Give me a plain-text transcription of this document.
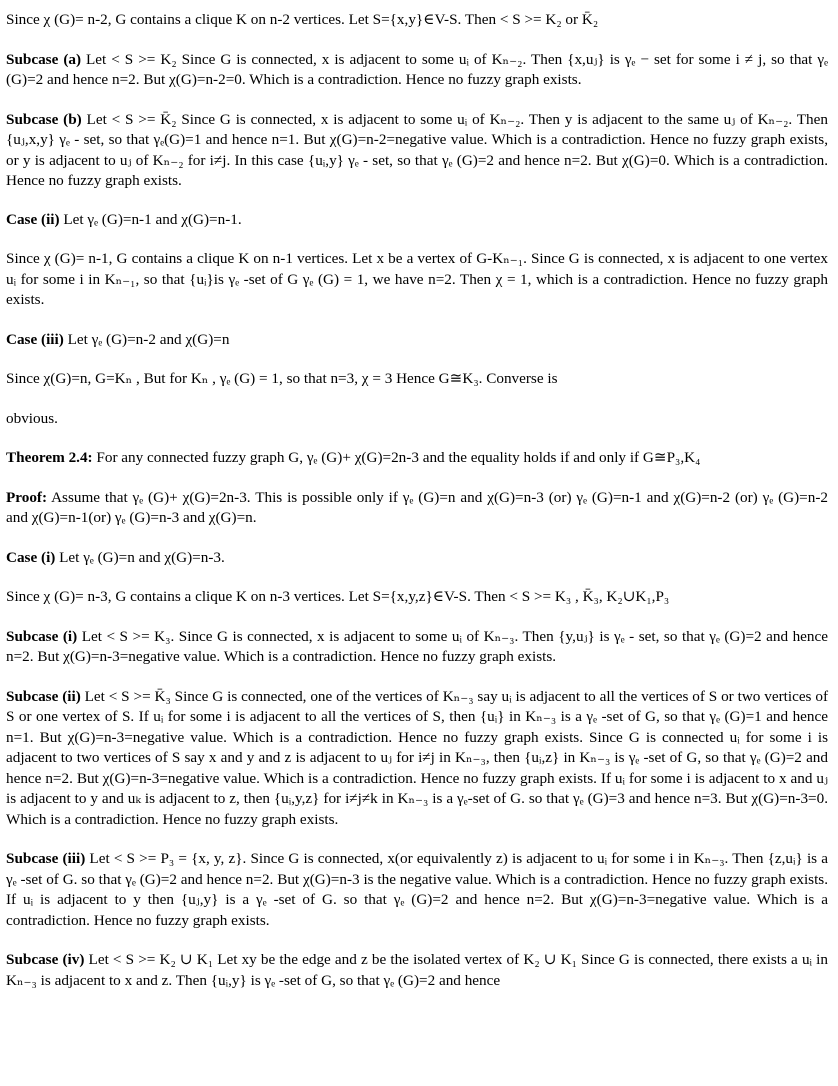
Since χ (G)= n-2, G contains a clique K on n-2 vertices. Let S={x,y}∈V-S. Then < S >= K₂ or K̄₂

Subcase (a) Let < S >= K₂ Since G is connected, x is adjacent to some uᵢ of Kₙ₋₂. Then {x,uⱼ} is γₑ − set for some i ≠ j, so that γₑ (G)=2 and hence n=2. But χ(G)=n-2=0. Which is a contradiction. Hence no fuzzy graph exists.

Subcase (b) Let < S >= K̄₂ Since G is connected, x is adjacent to some uᵢ of Kₙ₋₂. Then y is adjacent to the same uⱼ of Kₙ₋₂. Then {uⱼ,x,y} γₑ - set, so that γₑ(G)=1 and hence n=1. But χ(G)=n-2=negative value. Which is a contradiction. Hence no fuzzy graph exists, or y is adjacent to uⱼ of Kₙ₋₂ for i≠j. In this case {uᵢ,y} γₑ - set, so that γₑ (G)=2 and hence n=2. But χ(G)=0. Which is a contradiction. Hence no fuzzy graph exists.

Case (ii) Let γₑ (G)=n-1 and χ(G)=n-1.

Since χ (G)= n-1, G contains a clique K on n-1 vertices. Let x be a vertex of G-Kₙ₋₁. Since G is connected, x is adjacent to one vertex uᵢ for some i in Kₙ₋₁, so that {uᵢ}is γₑ -set of G γₑ (G) = 1, we have n=2. Then χ = 1, which is a contradiction. Hence no fuzzy graph exists.

Case (iii) Let γₑ (G)=n-2 and χ(G)=n

Since χ(G)=n, G=Kₙ , But for Kₙ , γₑ (G) = 1, so that n=3, χ = 3 Hence G≅K₃. Converse is

obvious.

Theorem 2.4: For any connected fuzzy graph G, γₑ (G)+ χ(G)=2n-3 and the equality holds if and only if G≅P₃,K₄

Proof: Assume that γₑ (G)+ χ(G)=2n-3. This is possible only if γₑ (G)=n and χ(G)=n-3 (or) γₑ (G)=n-1 and χ(G)=n-2 (or) γₑ (G)=n-2 and χ(G)=n-1(or) γₑ (G)=n-3 and χ(G)=n.

Case (i) Let γₑ (G)=n and χ(G)=n-3.

Since χ (G)= n-3, G contains a clique K on n-3 vertices. Let S={x,y,z}∈V-S. Then < S >= K₃ , K̄₃, K₂∪K₁,P₃

Subcase (i) Let < S >= K₃. Since G is connected, x is adjacent to some uᵢ of Kₙ₋₃. Then {y,uⱼ} is γₑ - set, so that γₑ (G)=2 and hence n=2. But χ(G)=n-3=negative value. Which is a contradiction. Hence no fuzzy graph exists.

Subcase (ii) Let < S >= K̄₃ Since G is connected, one of the vertices of Kₙ₋₃ say uᵢ is adjacent to all the vertices of S or two vertices of S or one vertex of S. If uᵢ for some i is adjacent to all the vertices of S, then {uᵢ} in Kₙ₋₃ is a γₑ -set of G, so that γₑ (G)=1 and hence n=1. But χ(G)=n-3=negative value. Which is a contradiction. Hence no fuzzy graph exists. Since G is connected uᵢ for some i is adjacent to two vertices of S say x and y and z is adjacent to uⱼ for i≠j in Kₙ₋₃, then {uᵢ,z} in Kₙ₋₃ is γₑ -set of G, so that γₑ (G)=2 and hence n=2. But χ(G)=n-3=negative value. Which is a contradiction. Hence no fuzzy graph exists. If uᵢ for some i is adjacent to x and uⱼ is adjacent to y and uₖ is adjacent to z, then {uᵢ,y,z} for i≠j≠k in Kₙ₋₃ is a γₑ-set of G. so that γₑ (G)=3 and hence n=3. But χ(G)=n-3=0. Which is a contradiction. Hence no fuzzy graph exists.

Subcase (iii) Let < S >= P₃ = {x, y, z}. Since G is connected, x(or equivalently z) is adjacent to uᵢ for some i in Kₙ₋₃. Then {z,uᵢ} is a γₑ -set of G. so that γₑ (G)=2 and hence n=2. But χ(G)=n-3 is the negative value. Which is a contradiction. Hence no fuzzy graph exists. If uᵢ is adjacent to y then {uⱼ,y} is a γₑ -set of G. so that γₑ (G)=2 and hence n=2. But χ(G)=n-3=negative value. Which is a contradiction. Hence no fuzzy graph exists.

Subcase (iv) Let < S >= K₂ ∪ K₁ Let xy be the edge and z be the isolated vertex of K₂ ∪ K₁ Since G is connected, there exists a uᵢ in Kₙ₋₃ is adjacent to x and z. Then {uᵢ,y} is γₑ -set of G, so that γₑ (G)=2 and hence
